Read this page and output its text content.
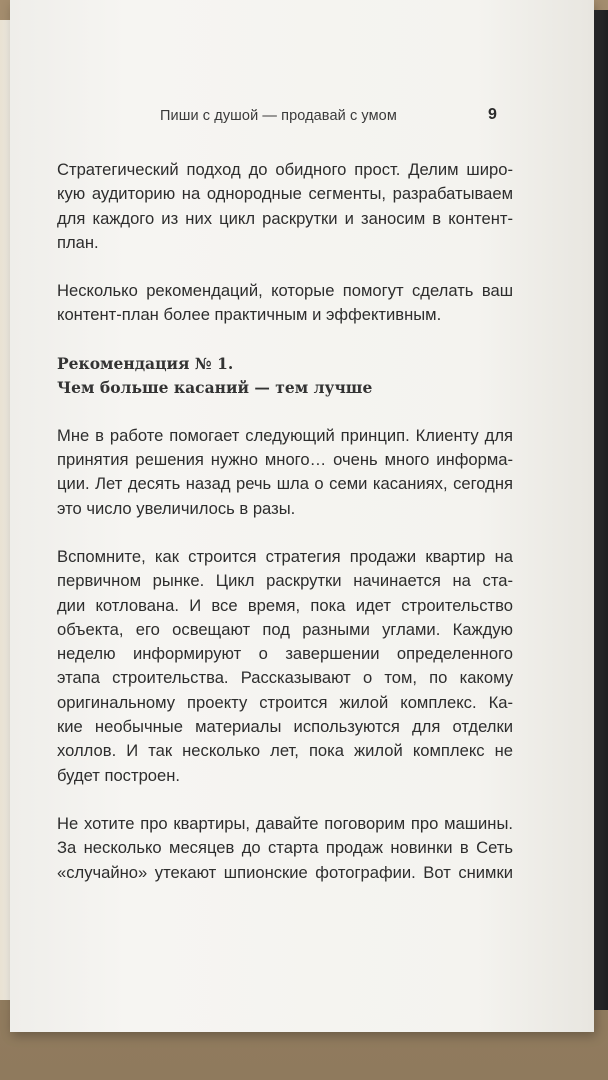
Пиши с душой — продавай с умом	9

Стратегический подход до обидного прост. Делим широ-
кую аудиторию на однородные сегменты, разрабатываем
для каждого из них цикл раскрутки и заносим в контент-
план.

Несколько рекомендаций, которые помогут сделать ваш
контент-план более практичным и эффективным.

Рекомендация № 1.
Чем больше касаний — тем лучше

Мне в работе помогает следующий принцип. Клиенту для
принятия решения нужно много… очень много информа-
ции. Лет десять назад речь шла о семи касаниях, сегодня
это число увеличилось в разы.

Вспомните, как строится стратегия продажи квартир на
первичном рынке. Цикл раскрутки начинается на ста-
дии котлована. И все время, пока идет строительство
объекта, его освещают под разными углами. Каждую
неделю информируют о завершении определенного
этапа строительства. Рассказывают о том, по какому
оригинальному проекту строится жилой комплекс. Ка-
кие необычные материалы используются для отделки
холлов. И так несколько лет, пока жилой комплекс не
будет построен.

Не хотите про квартиры, давайте поговорим про машины.
За несколько месяцев до старта продаж новинки в Сеть
«случайно» утекают шпионские фотографии. Вот снимки
